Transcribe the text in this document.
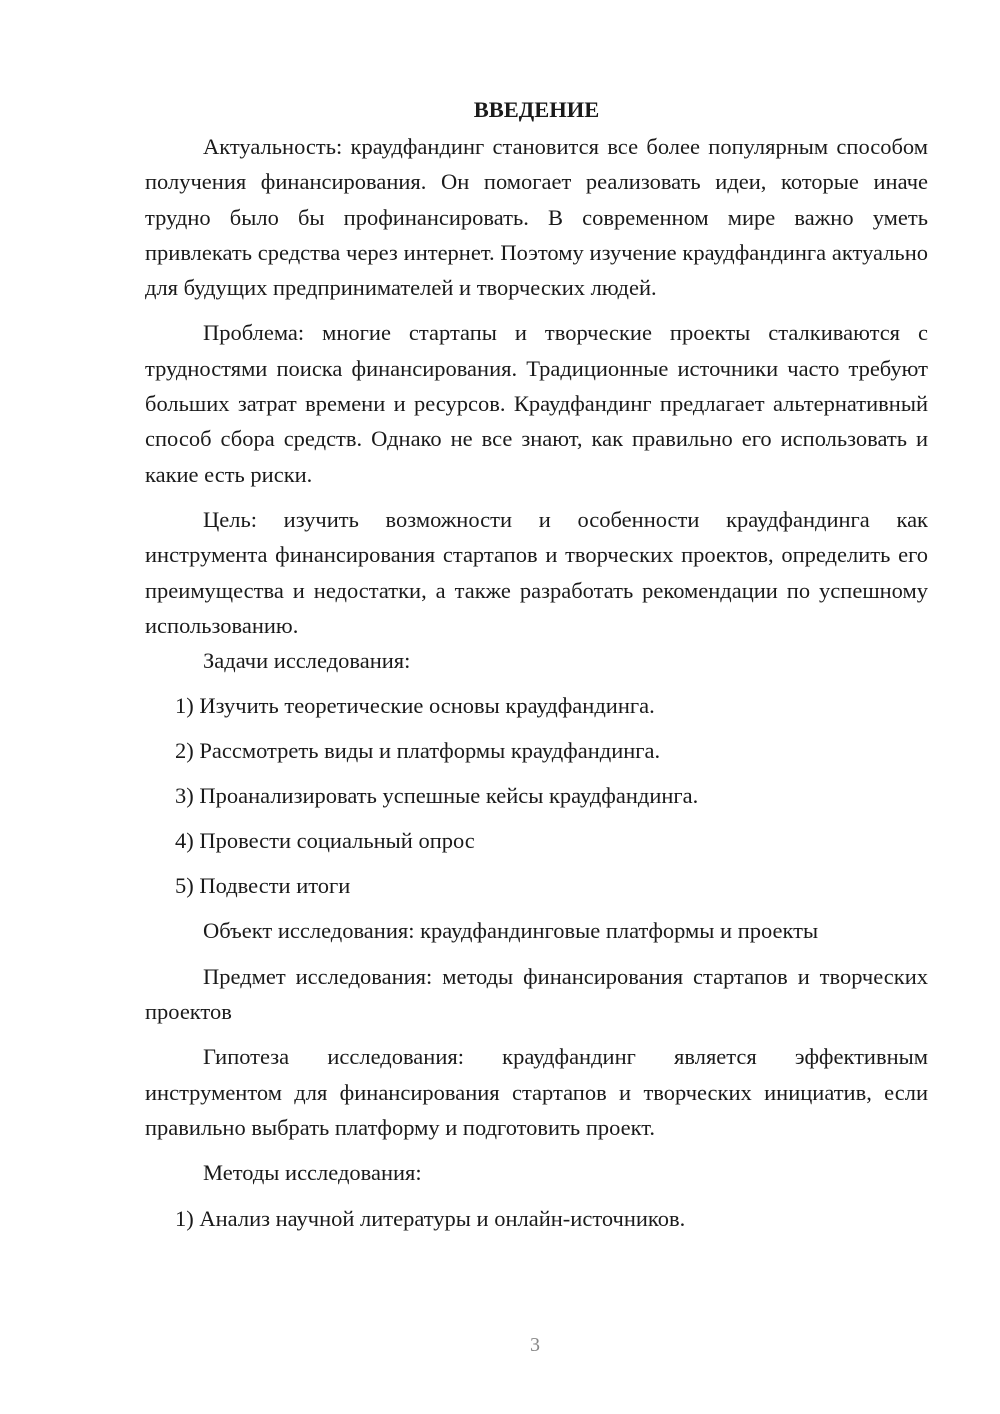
ВВЕДЕНИЕ

Актуальность: краудфандинг становится все более популярным способом получения финансирования. Он помогает реализовать идеи, которые иначе трудно было бы профинансировать. В современном мире важно уметь привлекать средства через интернет. Поэтому изучение краудфандинга актуально для будущих предпринимателей и творческих людей.

Проблема: многие стартапы и творческие проекты сталкиваются с трудностями поиска финансирования. Традиционные источники часто требуют больших затрат времени и ресурсов. Краудфандинг предлагает альтернативный способ сбора средств. Однако не все знают, как правильно его использовать и какие есть риски.

Цель: изучить возможности и особенности краудфандинга как инструмента финансирования стартапов и творческих проектов, определить его преимущества и недостатки, а также разработать рекомендации по успешному использованию.

Задачи исследования:

1) Изучить теоретические основы краудфандинга.

2) Рассмотреть виды и платформы краудфандинга.

3) Проанализировать успешные кейсы краудфандинга.

4) Провести социальный опрос

5) Подвести итоги

Объект исследования: краудфандинговые платформы и проекты

Предмет исследования: методы финансирования стартапов и творческих проектов

Гипотеза исследования: краудфандинг является эффективным инструментом для финансирования стартапов и творческих инициатив, если правильно выбрать платформу и подготовить проект.

Методы исследования:

1) Анализ научной литературы и онлайн-источников.

3
